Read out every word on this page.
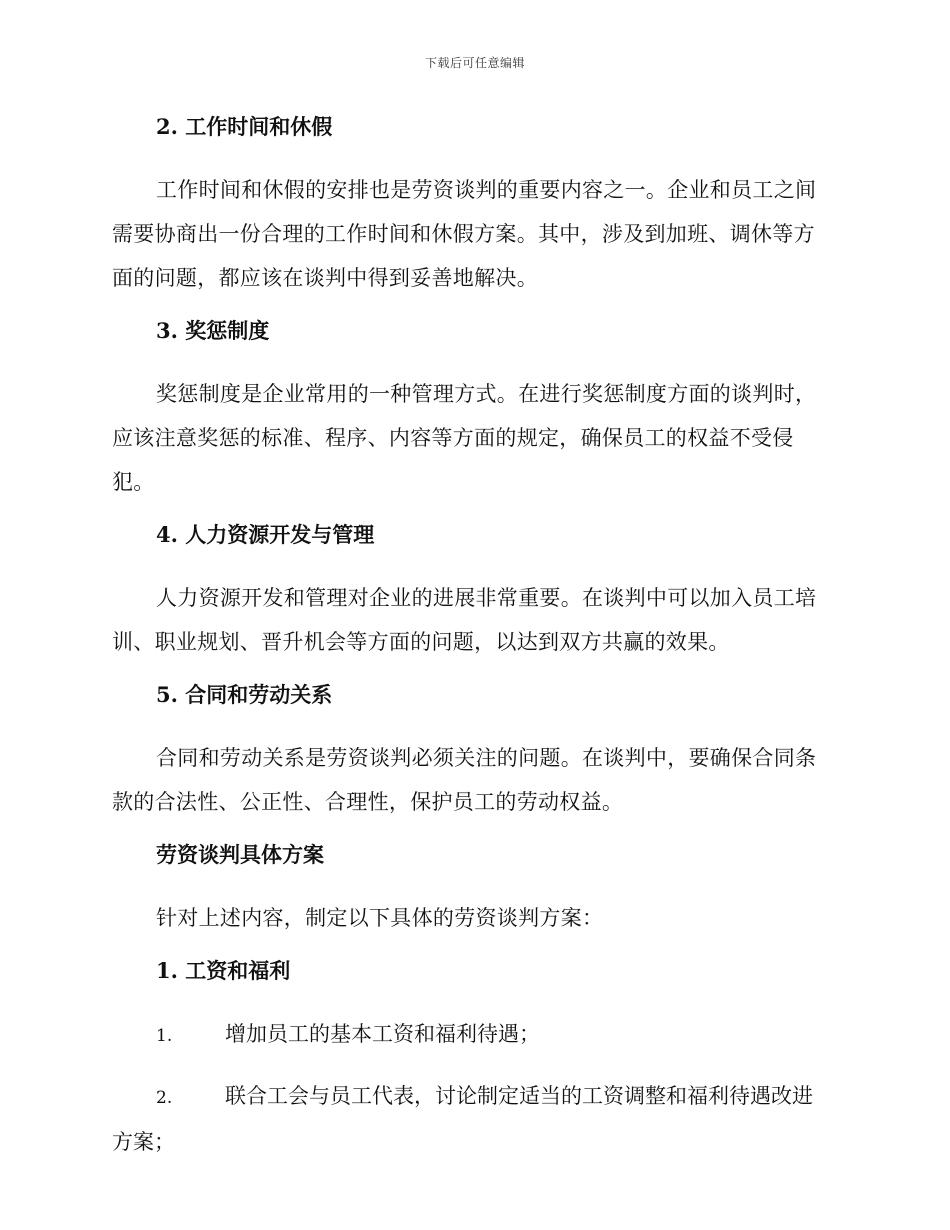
下载后可任意编辑
2. 工作时间和休假
工作时间和休假的安排也是劳资谈判的重要内容之一。企业和员工之间
需要协商出一份合理的工作时间和休假方案。其中，涉及到加班、调休等方
面的问题，都应该在谈判中得到妥善地解决。
3. 奖惩制度
奖惩制度是企业常用的一种管理方式。在进行奖惩制度方面的谈判时，
应该注意奖惩的标准、程序、内容等方面的规定，确保员工的权益不受侵
犯。
4. 人力资源开发与管理
人力资源开发和管理对企业的进展非常重要。在谈判中可以加入员工培
训、职业规划、晋升机会等方面的问题，以达到双方共赢的效果。
5. 合同和劳动关系
合同和劳动关系是劳资谈判必须关注的问题。在谈判中，要确保合同条
款的合法性、公正性、合理性，保护员工的劳动权益。
劳资谈判具体方案
针对上述内容，制定以下具体的劳资谈判方案：
1. 工资和福利
1.	增加员工的基本工资和福利待遇；
2.	联合工会与员工代表，讨论制定适当的工资调整和福利待遇改进
方案；
